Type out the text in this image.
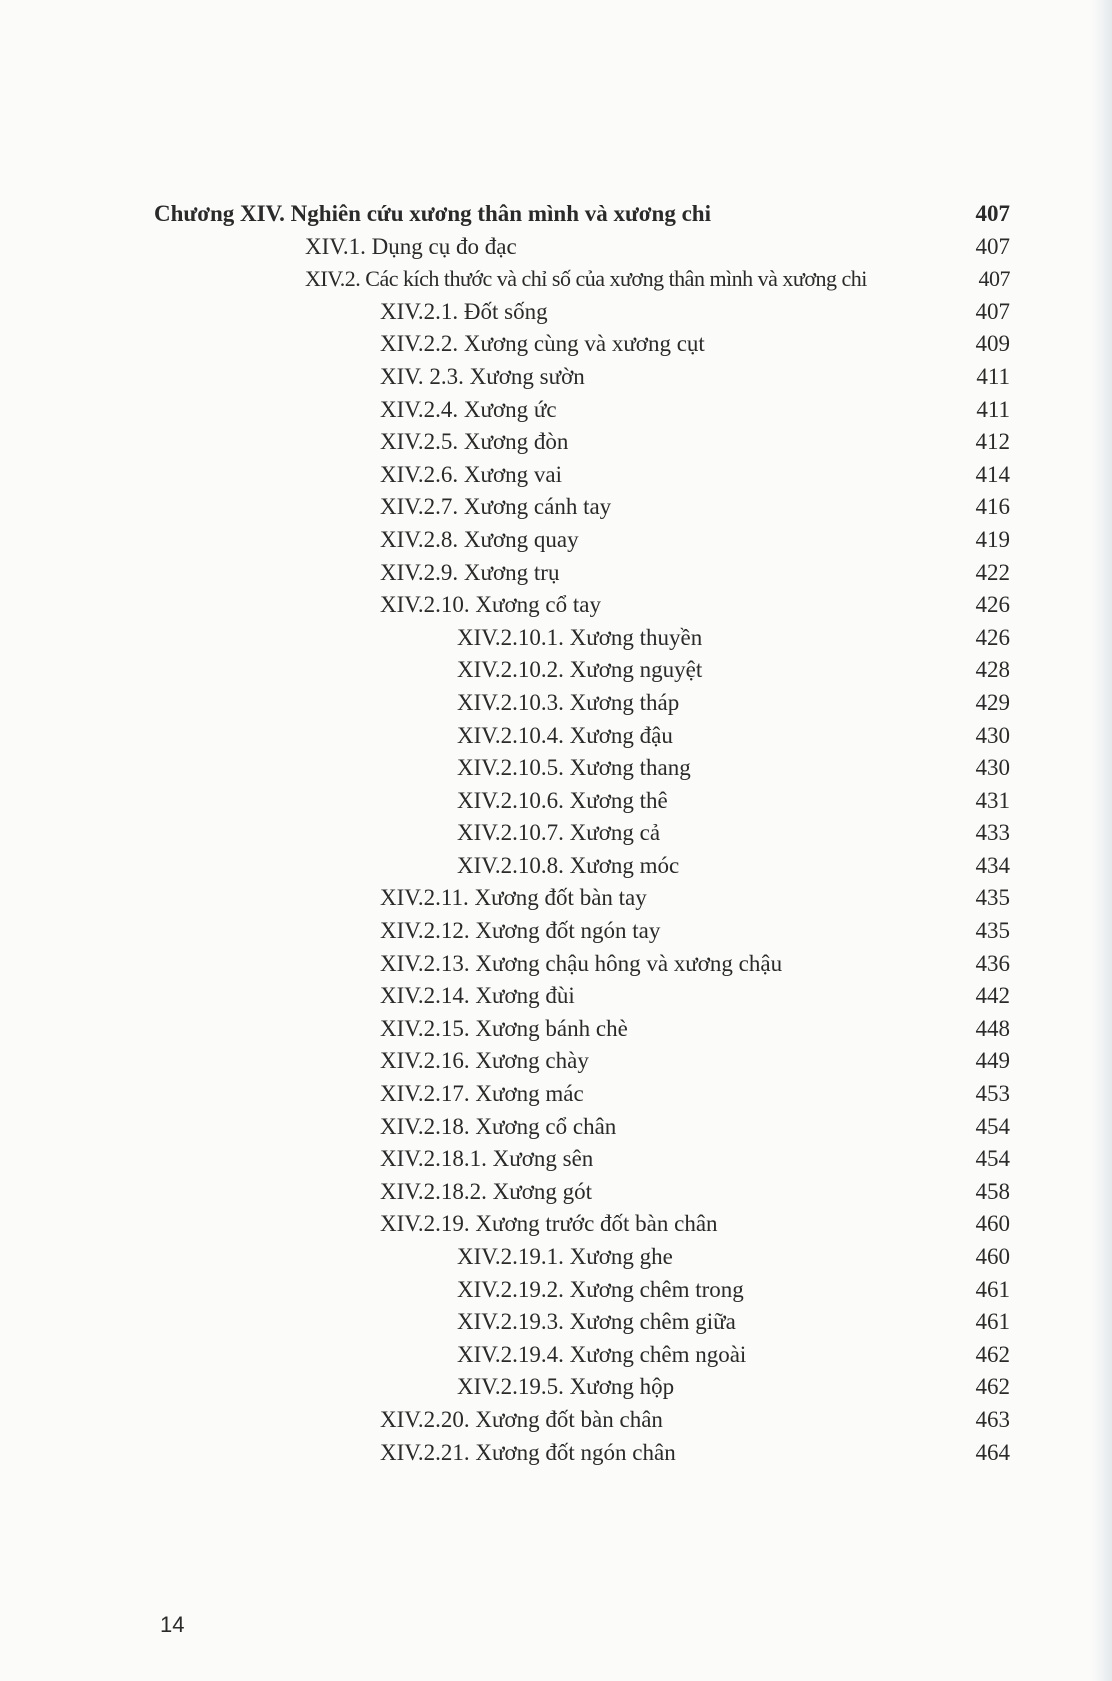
Chương XIV. Nghiên cứu xương thân mình và xương chi	407
XIV.1. Dụng cụ đo đạc	407
XIV.2. Các kích thước và chỉ số của xương thân mình và xương chi	407
XIV.2.1. Đốt sống	407
XIV.2.2. Xương cùng và xương cụt	409
XIV. 2.3. Xương sườn	411
XIV.2.4. Xương ức	411
XIV.2.5. Xương đòn	412
XIV.2.6. Xương vai	414
XIV.2.7. Xương cánh tay	416
XIV.2.8. Xương quay	419
XIV.2.9. Xương trụ	422
XIV.2.10. Xương cổ tay	426
XIV.2.10.1. Xương thuyền	426
XIV.2.10.2. Xương nguyệt	428
XIV.2.10.3. Xương tháp	429
XIV.2.10.4. Xương đậu	430
XIV.2.10.5. Xương thang	430
XIV.2.10.6. Xương thê	431
XIV.2.10.7. Xương cả	433
XIV.2.10.8. Xương móc	434
XIV.2.11. Xương đốt bàn tay	435
XIV.2.12. Xương đốt ngón tay	435
XIV.2.13. Xương chậu hông và xương chậu	436
XIV.2.14. Xương đùi	442
XIV.2.15. Xương bánh chè	448
XIV.2.16. Xương chày	449
XIV.2.17. Xương mác	453
XIV.2.18. Xương cổ chân	454
XIV.2.18.1. Xương sên	454
XIV.2.18.2. Xương gót	458
XIV.2.19. Xương trước đốt bàn chân	460
XIV.2.19.1. Xương ghe	460
XIV.2.19.2. Xương chêm trong	461
XIV.2.19.3. Xương chêm giữa	461
XIV.2.19.4. Xương chêm ngoài	462
XIV.2.19.5. Xương hộp	462
XIV.2.20. Xương đốt bàn chân	463
XIV.2.21. Xương đốt ngón chân	464
14
